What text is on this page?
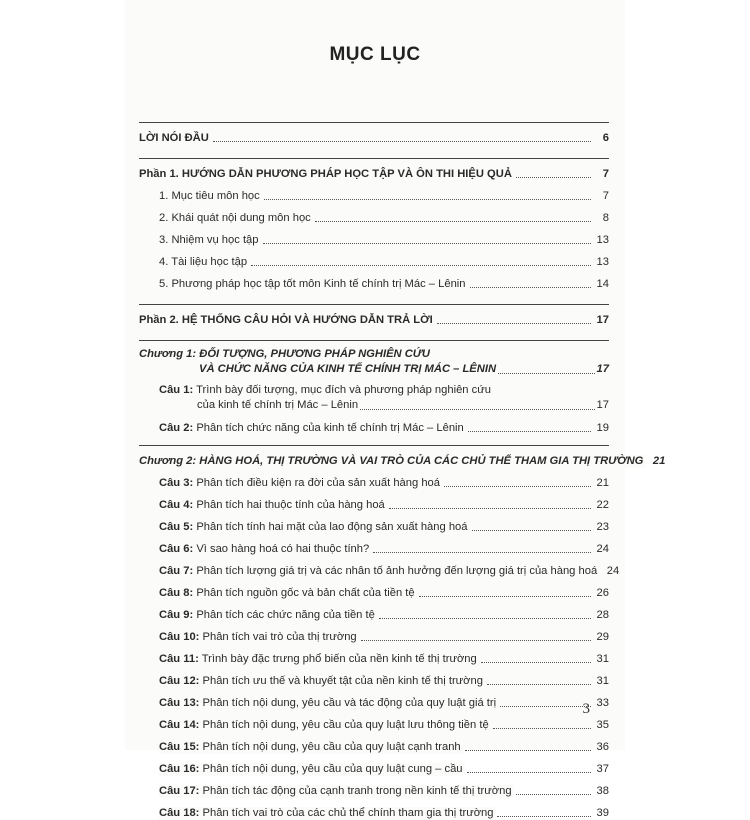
MỤC LỤC
LỜI NÓI ĐẦU	6
Phần 1. HƯỚNG DẪN PHƯƠNG PHÁP HỌC TẬP VÀ ÔN THI HIỆU QUẢ	7
1. Mục tiêu môn học	7
2. Khái quát nội dung môn học	8
3. Nhiệm vụ học tập	13
4. Tài liệu học tập	13
5. Phương pháp học tập tốt môn Kinh tế chính trị Mác – Lênin	14
Phần 2. HỆ THỐNG CÂU HỎI VÀ HƯỚNG DẪN TRẢ LỜI	17
Chương 1: ĐỐI TƯỢNG, PHƯƠNG PHÁP NGHIÊN CỨU
VÀ CHỨC NĂNG CỦA KINH TẾ CHÍNH TRỊ MÁC – LÊNIN	17
Câu 1: Trình bày đối tượng, mục đích và phương pháp nghiên cứu
của kinh tế chính trị Mác – Lênin	17
Câu 2: Phân tích chức năng của kinh tế chính trị Mác – Lênin	19
Chương 2: HÀNG HOÁ, THỊ TRƯỜNG VÀ VAI TRÒ CỦA CÁC CHỦ THỂ THAM GIA THỊ TRƯỜNG 21
Câu 3: Phân tích điều kiện ra đời của sản xuất hàng hoá	21
Câu 4: Phân tích hai thuộc tính của hàng hoá	22
Câu 5: Phân tích tính hai mặt của lao động sản xuất hàng hoá	23
Câu 6: Vì sao hàng hoá có hai thuộc tính?	24
Câu 7: Phân tích lượng giá trị và các nhân tố ảnh hưởng đến lượng giá trị của hàng hoá 24
Câu 8: Phân tích nguồn gốc và bản chất của tiền tệ	26
Câu 9: Phân tích các chức năng của tiền tệ	28
Câu 10: Phân tích vai trò của thị trường	29
Câu 11: Trình bày đặc trưng phổ biến của nền kinh tế thị trường	31
Câu 12: Phân tích ưu thế và khuyết tật của nền kinh tế thị trường	31
Câu 13: Phân tích nội dung, yêu cầu và tác động của quy luật giá trị	33
Câu 14: Phân tích nội dung, yêu cầu của quy luật lưu thông tiền tệ	35
Câu 15: Phân tích nội dung, yêu cầu của quy luật cạnh tranh	36
Câu 16: Phân tích nội dung, yêu cầu của quy luật cung – cầu	37
Câu 17: Phân tích tác động của cạnh tranh trong nền kinh tế thị trường	38
Câu 18: Phân tích vai trò của các chủ thể chính tham gia thị trường	39
3
